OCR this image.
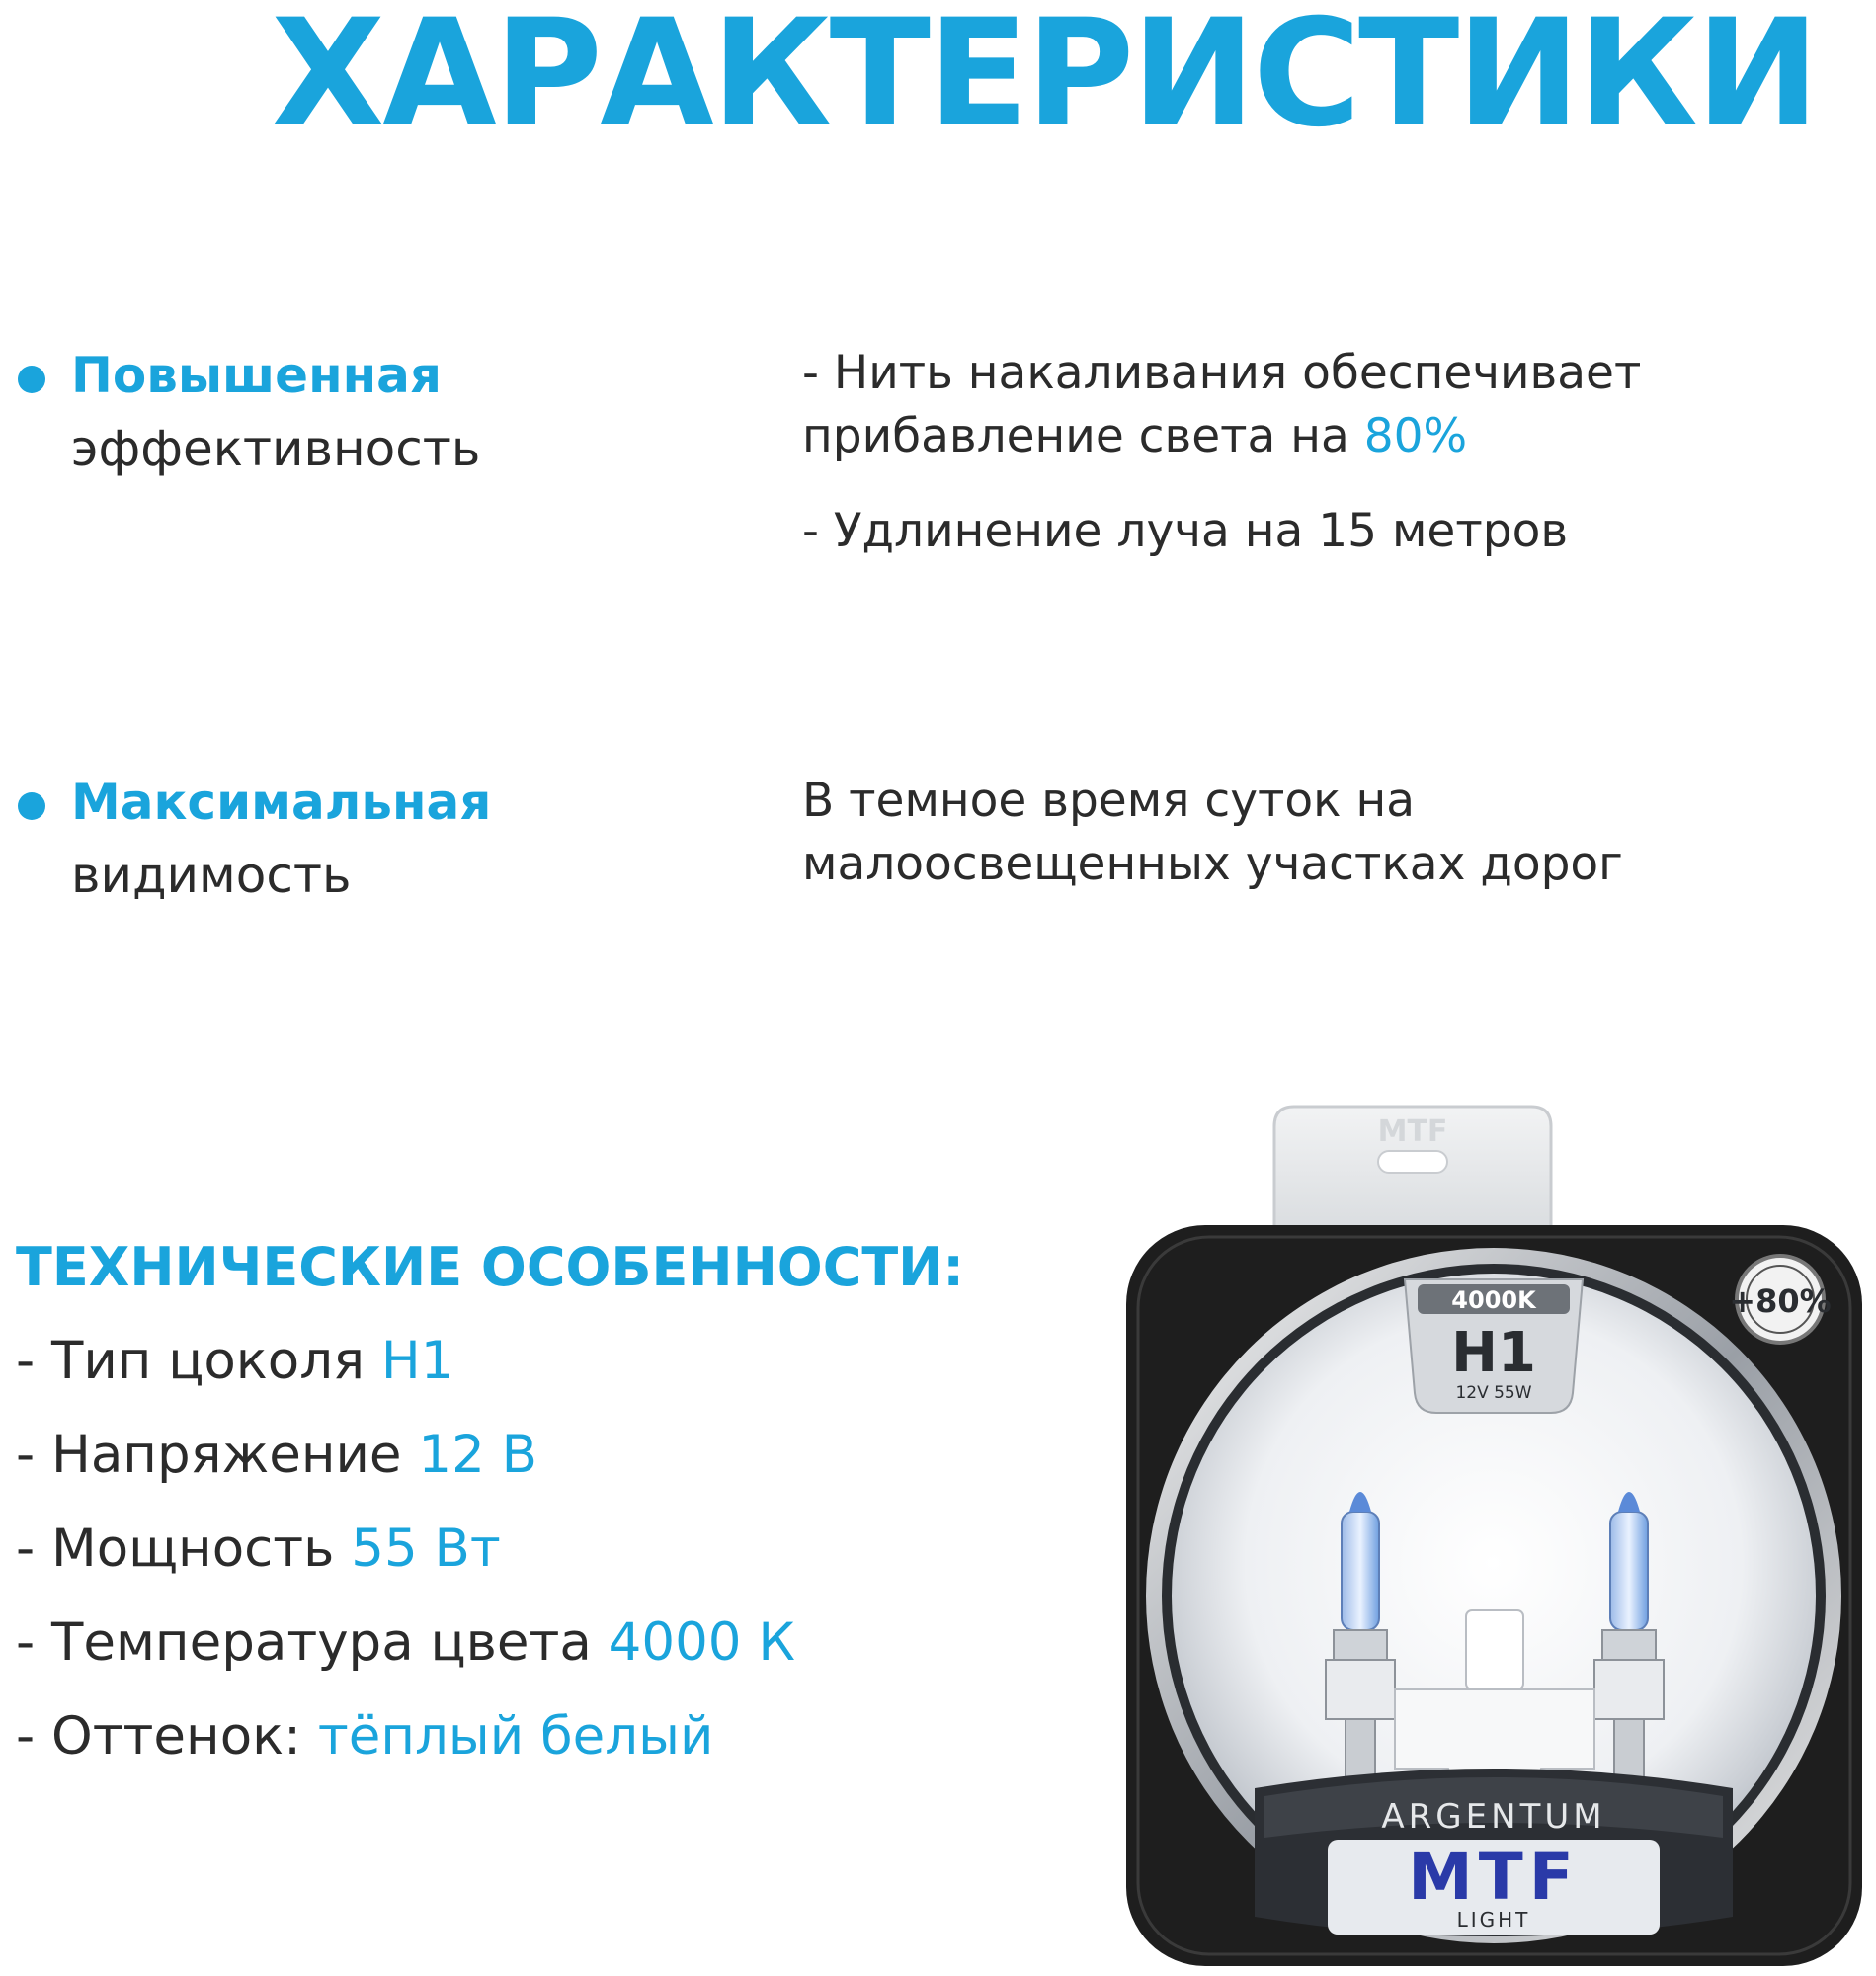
ХАРАКТЕРИСТИКИ
Повышенная
эффективность
- Нить накаливания обеспечивает
прибавление света на 80%
- Удлинение луча на 15 метров
Максимальная
видимость
В темное время суток на
малоосвещенных участках дорог
ТЕХНИЧЕСКИЕ ОСОБЕННОСТИ:
- Тип цоколя H1
- Напряжение 12 В
- Мощность 55 Вт
- Температура цвета 4000 К
- Оттенок: тёплый белый
MTF
4000K
H1
12V 55W
+80%
ARGENTUM
MTF
LIGHT
